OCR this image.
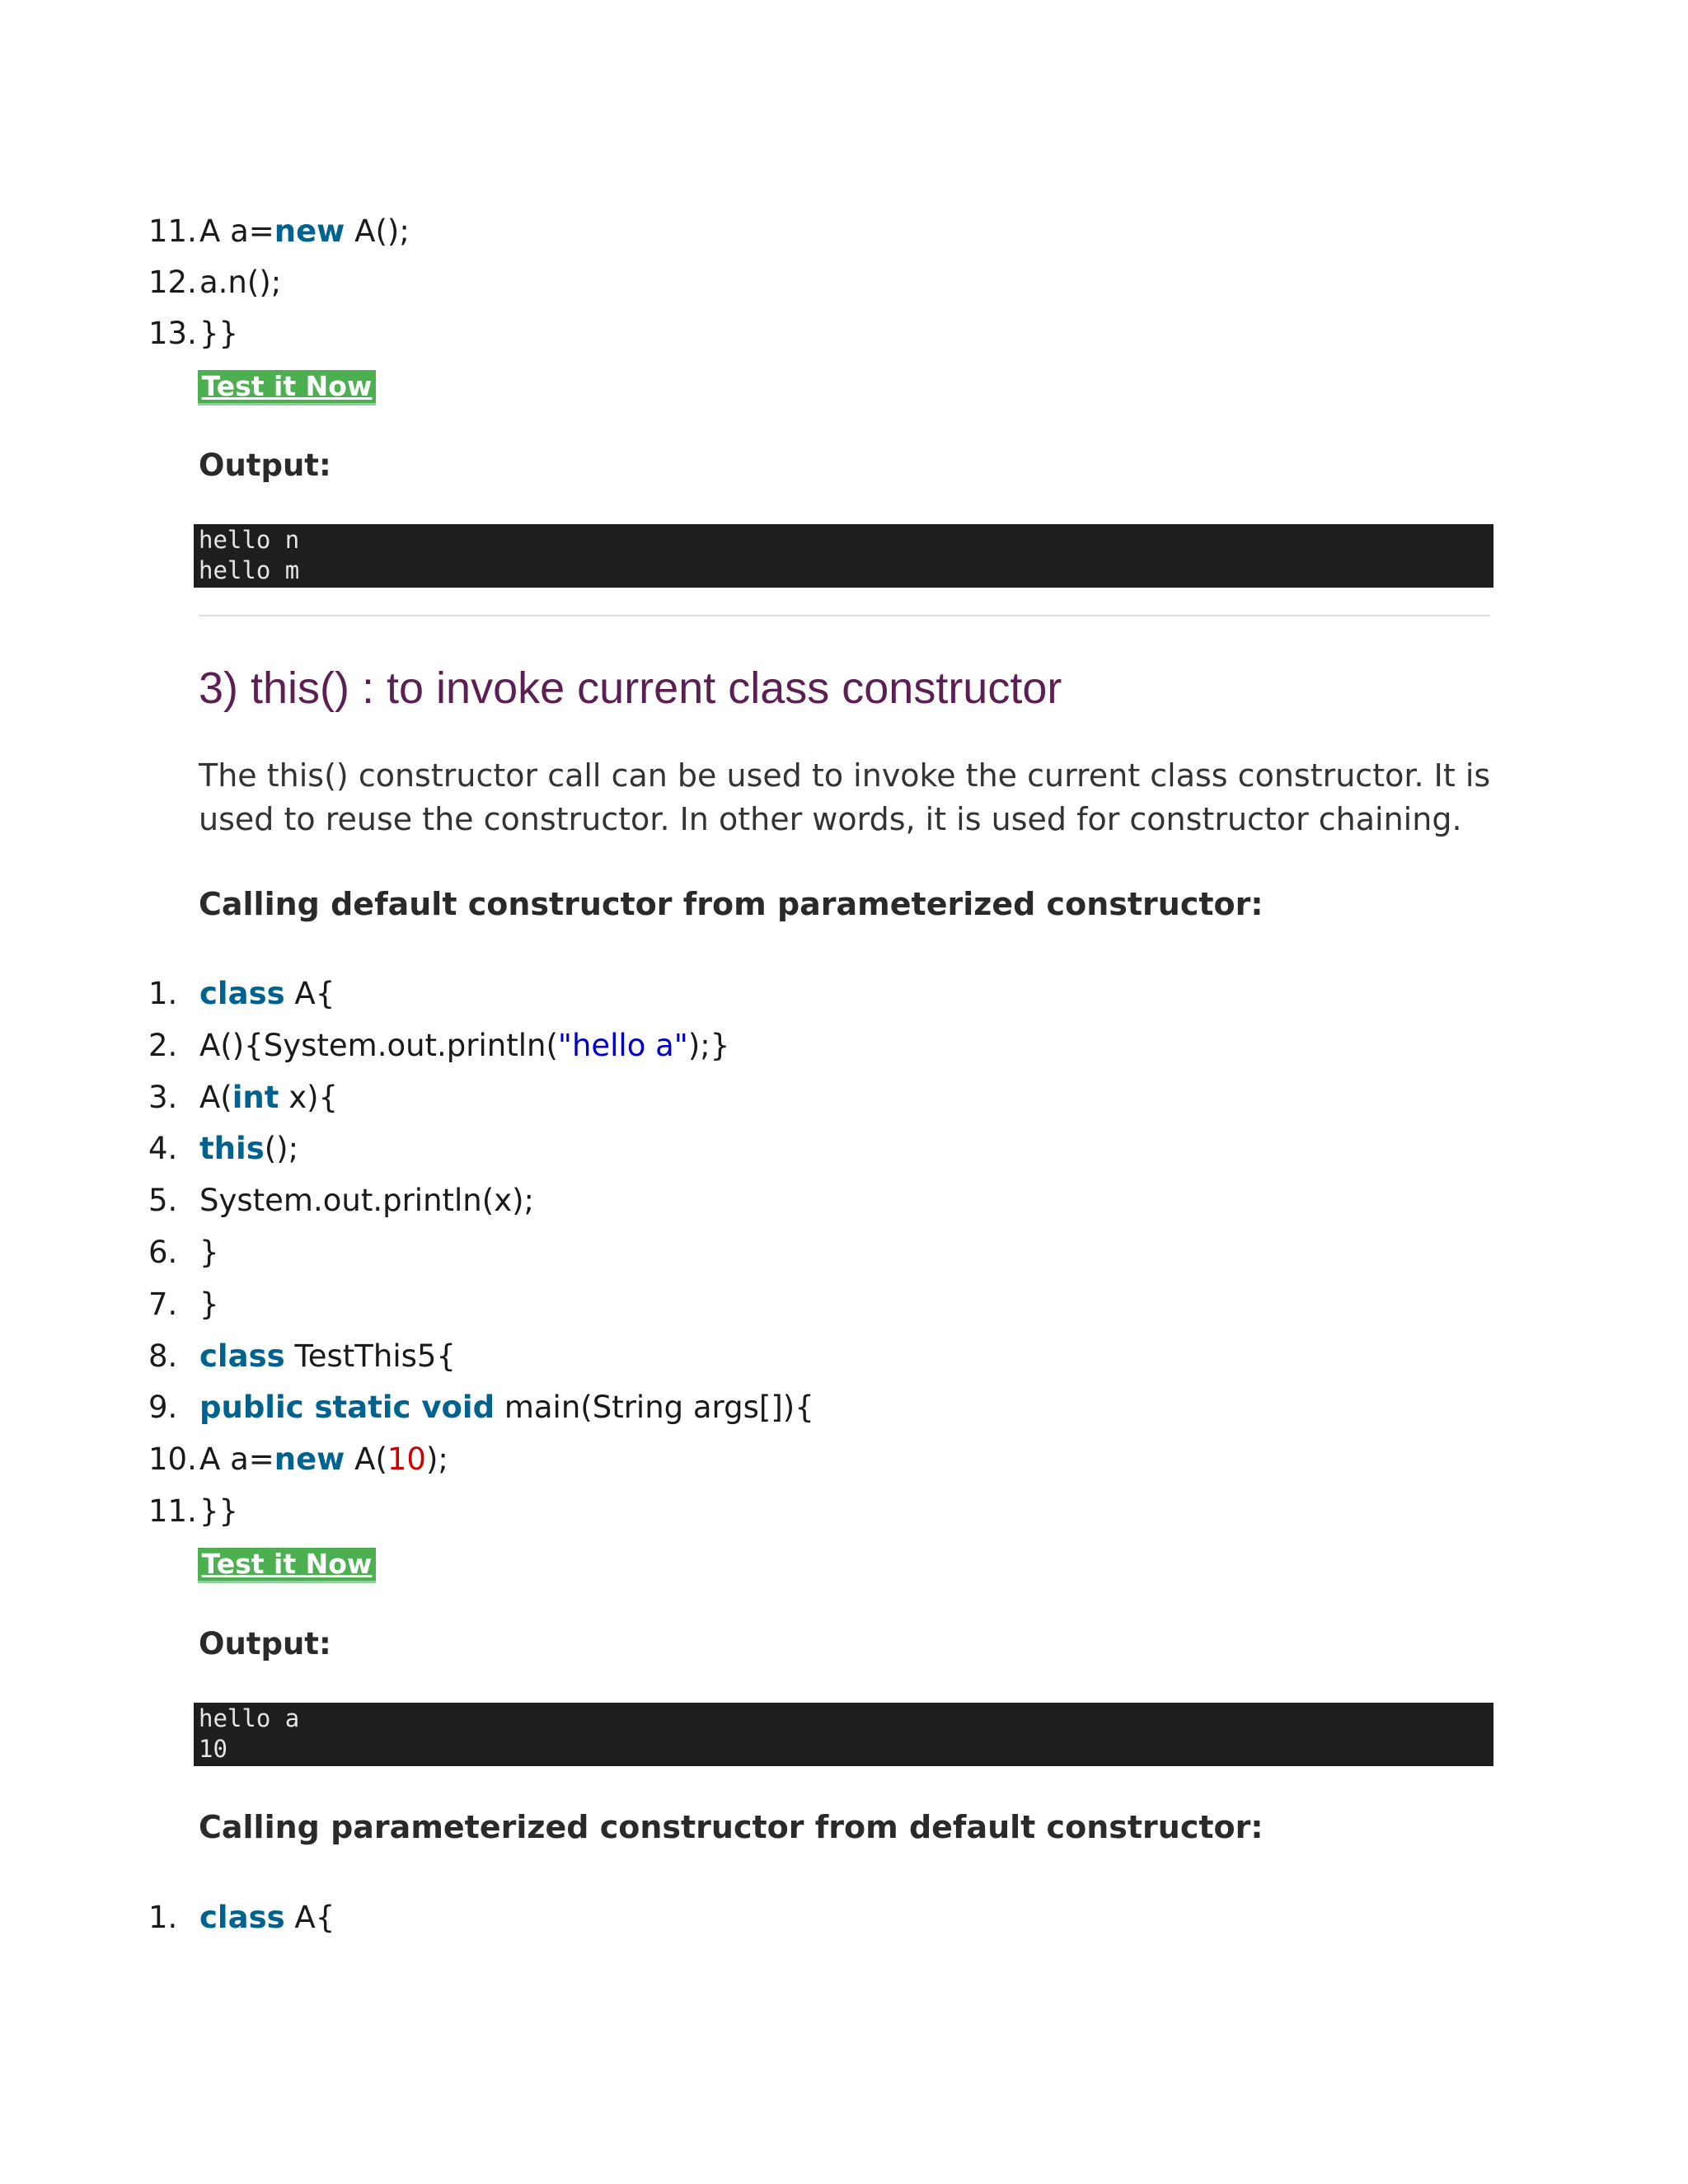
11.A a=new A();
12.a.n();
13.}}
Test it Now
Output:
hello n
hello m
3) this() : to invoke current class constructor
The this() constructor call can be used to invoke the current class constructor. It is used to reuse the constructor. In other words, it is used for constructor chaining.
Calling default constructor from parameterized constructor:
1. class A{
2. A(){System.out.println("hello a");}
3. A(int x){
4. this();
5. System.out.println(x);
6. }
7. }
8. class TestThis5{
9. public static void main(String args[]){
10.A a=new A(10);
11.}}
Test it Now
Output:
hello a
10
Calling parameterized constructor from default constructor:
1. class A{
